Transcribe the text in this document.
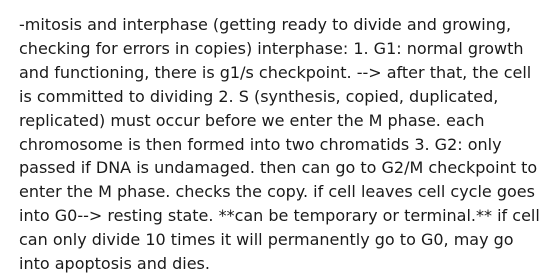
-mitosis and interphase (getting ready to divide and growing,
checking for errors in copies) interphase: 1. G1: normal growth
and functioning, there is g1/s checkpoint. --> after that, the cell
is committed to dividing 2. S (synthesis, copied, duplicated,
replicated) must occur before we enter the M phase. each
chromosome is then formed into two chromatids 3. G2: only
passed if DNA is undamaged. then can go to G2/M checkpoint to
enter the M phase. checks the copy. if cell leaves cell cycle goes
into G0--> resting state. **can be temporary or terminal.** if cell
can only divide 10 times it will permanently go to G0, may go
into apoptosis and dies.
